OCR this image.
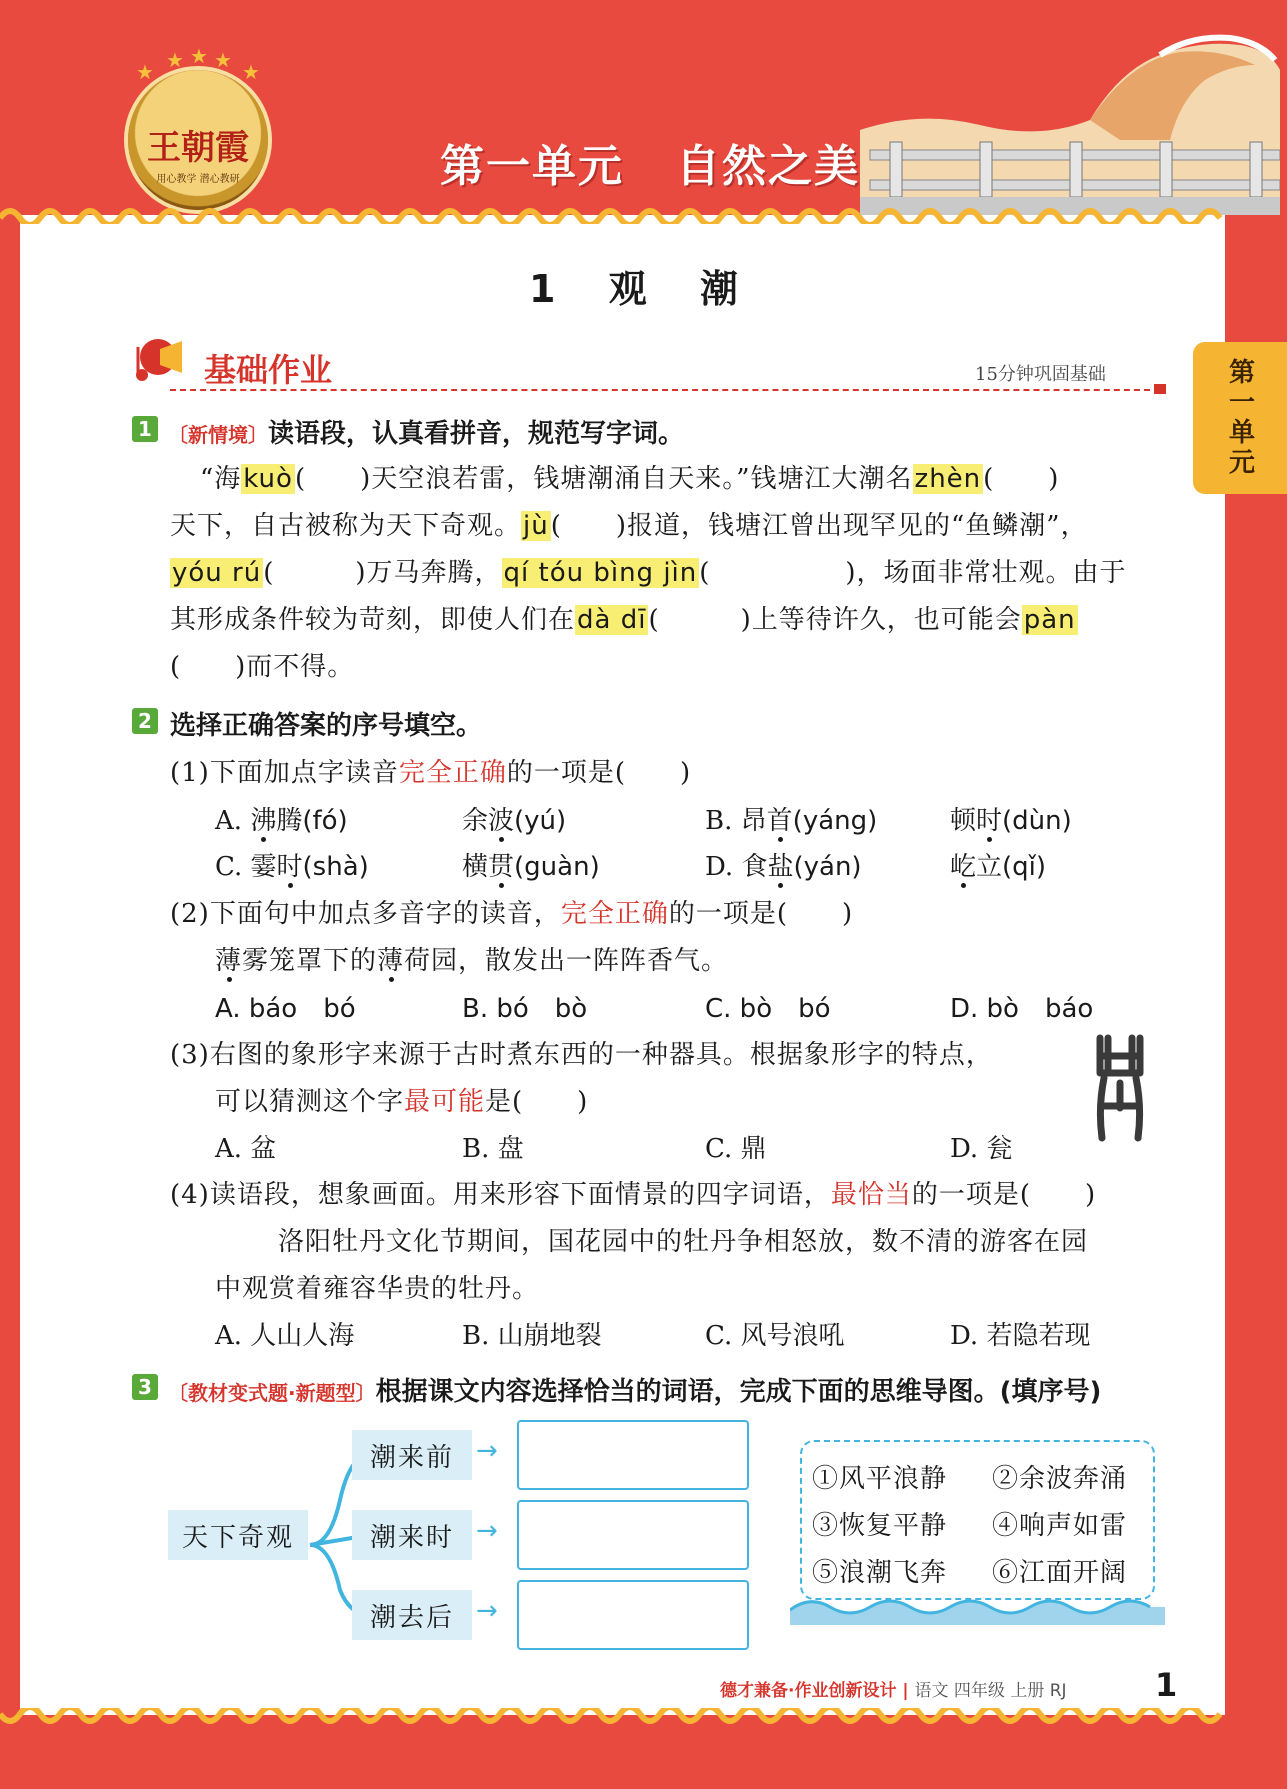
★ ★ ★ ★ ★
王朝霞
用心教学 潜心教研	第一单元   自然之美
第一单元
1 观 潮
基础作业	15分钟巩固基础
1 〔新情境〕读语段，认真看拼音，规范写字词。
“海kuò(　　)天空浪若雷，钱塘潮涌自天来。”钱塘江大潮名zhèn(　　)
天下，自古被称为天下奇观。jù(　　)报道，钱塘江曾出现罕见的“鱼鳞潮”，
yóu rú(　　　)万马奔腾，qí tóu bìng jìn(　　　　　)，场面非常壮观。由于
其形成条件较为苛刻，即使人们在dà dī(　　　)上等待许久，也可能会pàn
(　　)而不得。
2 选择正确答案的序号填空。
(1)下面加点字读音完全正确的一项是(　　)
A. 沸腾(fó)	余波(yú)	B. 昂首(yáng)	顿时(dùn)
C. 霎时(shà)	横贯(guàn)	D. 食盐(yán)	屹立(qǐ)
(2)下面句中加点多音字的读音，完全正确的一项是(　　)
薄雾笼罩下的薄荷园，散发出一阵阵香气。
A. báo　bó	B. bó　bò	C. bò　bó	D. bò　báo
(3)右图的象形字来源于古时煮东西的一种器具。根据象形字的特点，
可以猜测这个字最可能是(　　)
A. 盆	B. 盘	C. 鼎	D. 瓮
(4)读语段，想象画面。用来形容下面情景的四字词语，最恰当的一项是(　　)
洛阳牡丹文化节期间，国花园中的牡丹争相怒放，数不清的游客在园
中观赏着雍容华贵的牡丹。
A. 人山人海	B. 山崩地裂	C. 风号浪吼	D. 若隐若现
3 〔教材变式题·新题型〕根据课文内容选择恰当的词语，完成下面的思维导图。(填序号)
天下奇观
潮来前
潮来时
潮去后
→
→
→
①风平浪静 ②余波奔涌
③恢复平静 ④响声如雷
⑤浪潮飞奔 ⑥江面开阔
德才兼备·作业创新设计 | 语文 四年级 上册 RJ	1
